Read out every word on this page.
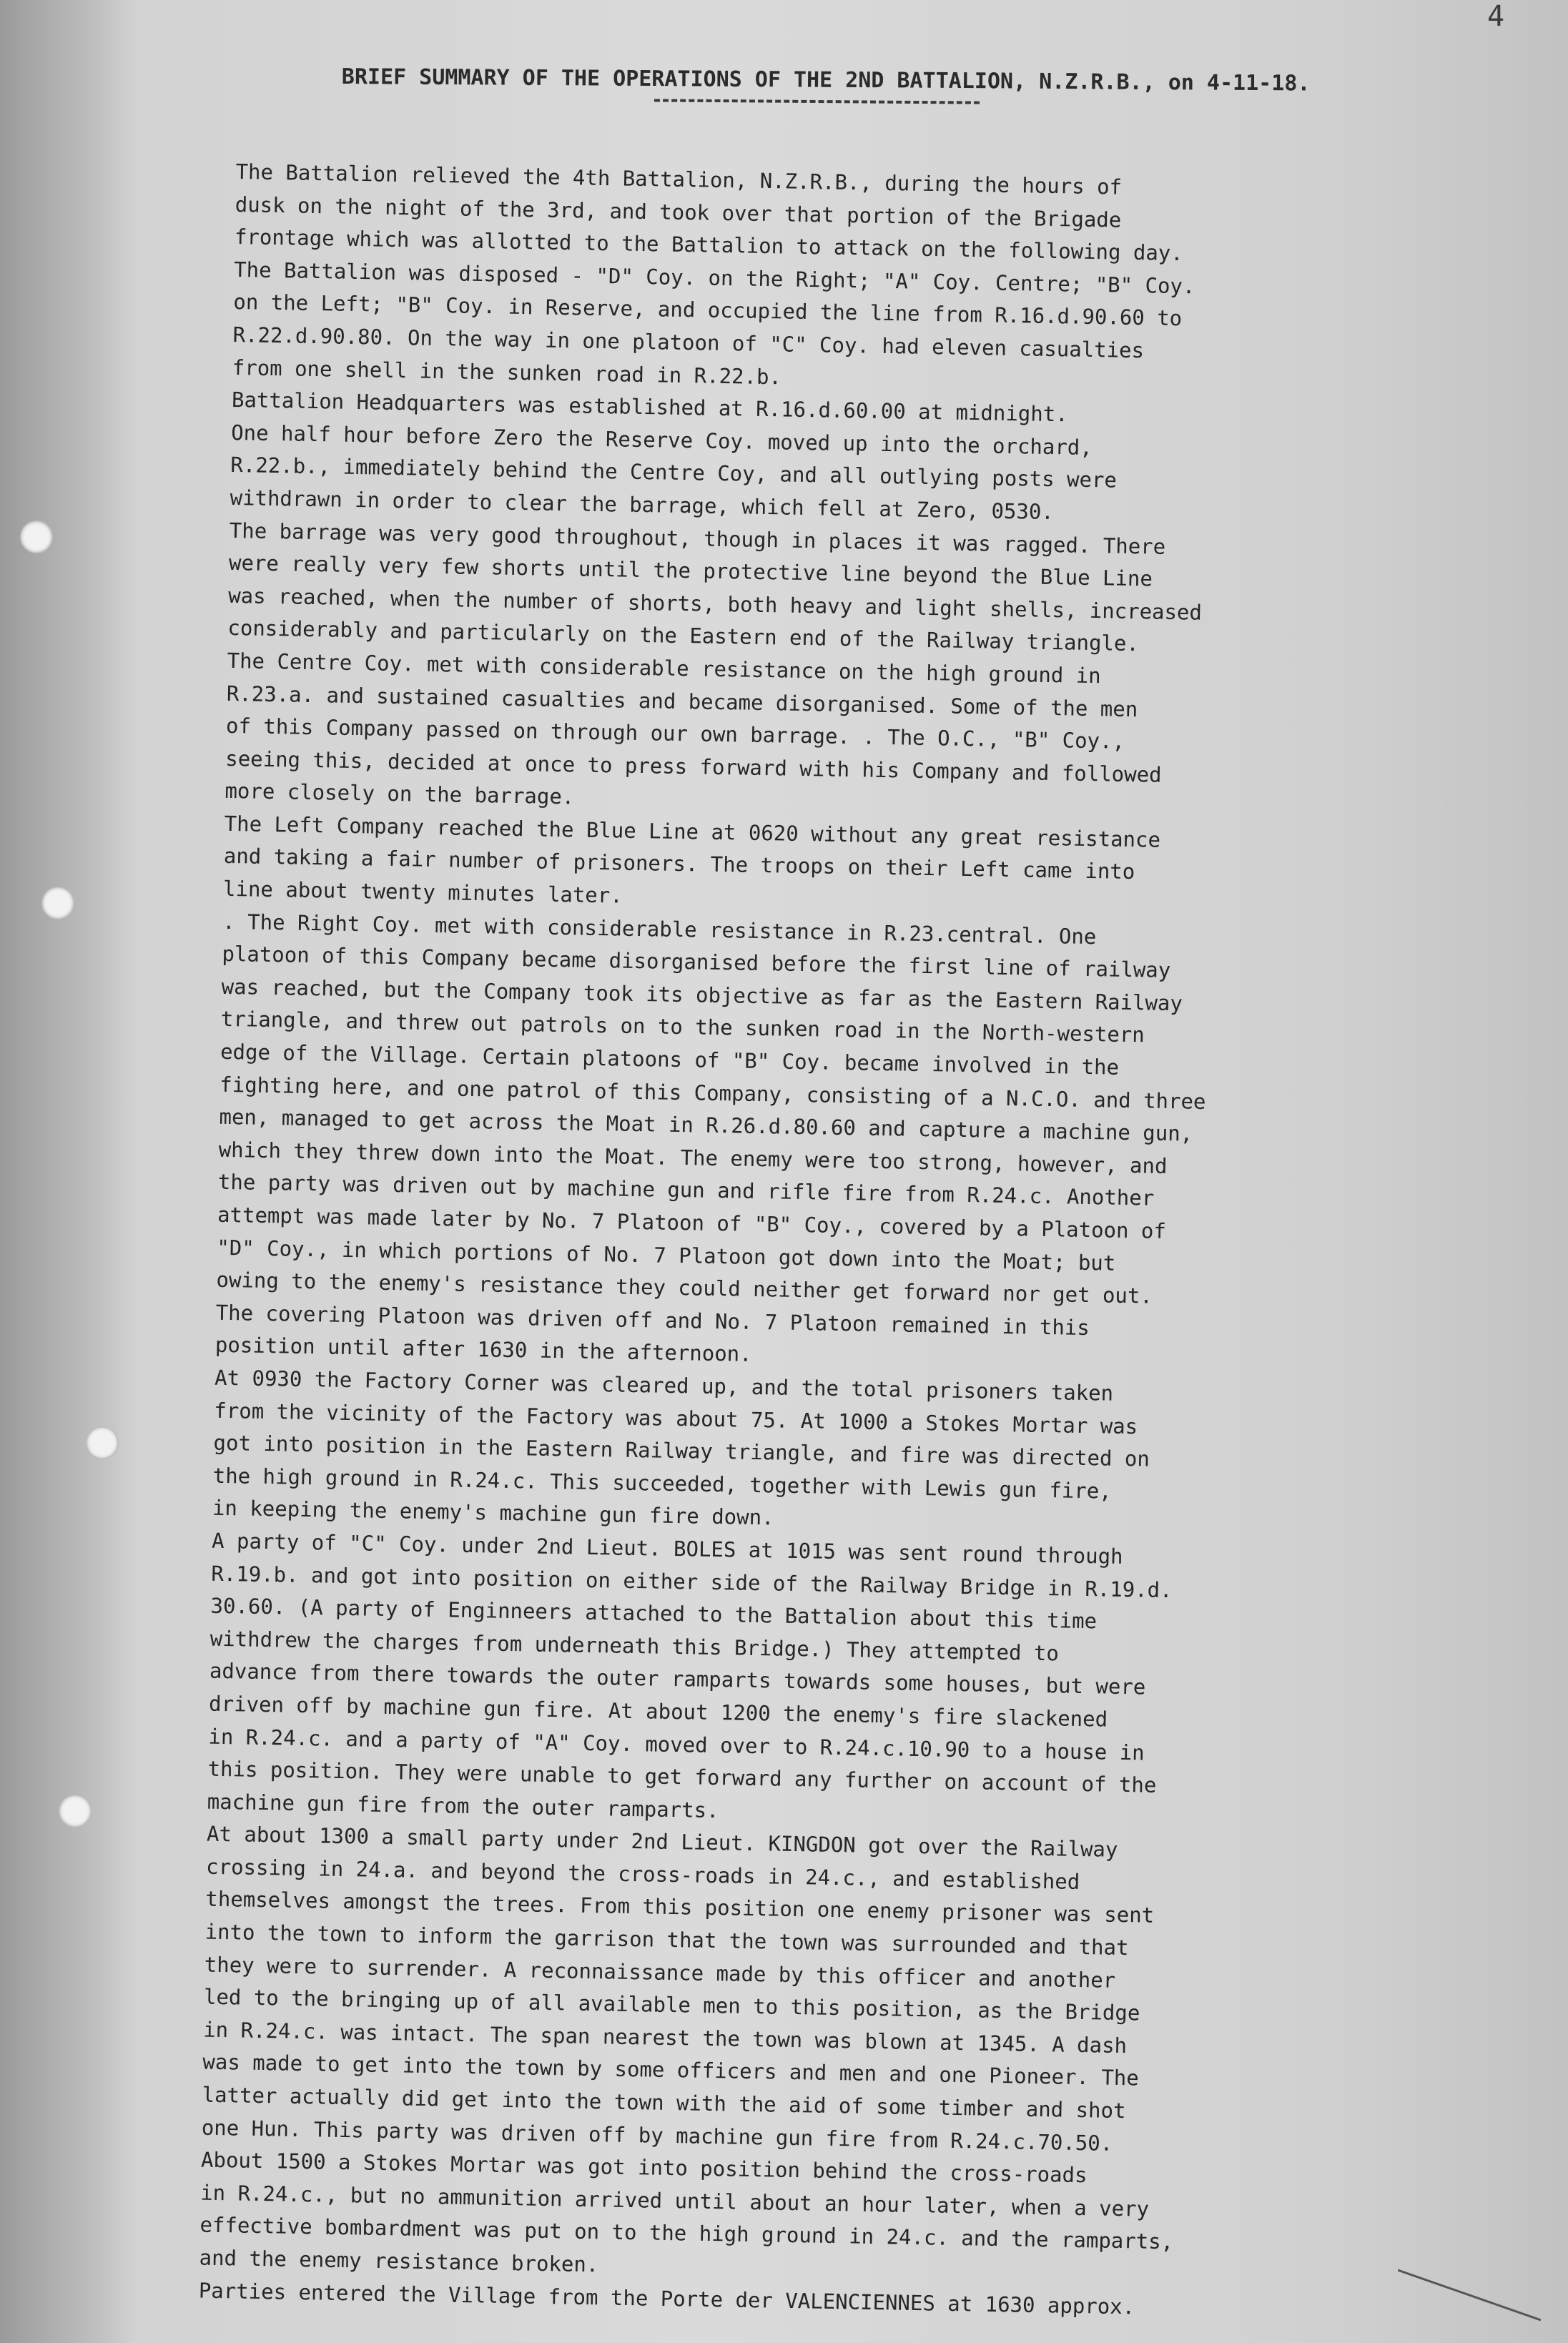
4
BRIEF SUMMARY OF THE OPERATIONS OF THE 2ND BATTALION, N.Z.R.B., on 4-11-18.
The Battalion relieved the 4th Battalion, N.Z.R.B., during the hours of
dusk on the night of the 3rd, and took over that portion of the Brigade
frontage which was allotted to the Battalion to attack on the following day.
The Battalion was disposed - "D" Coy. on the Right; "A" Coy. Centre; "B" Coy.
on the Left; "B" Coy. in Reserve, and occupied the line from R.16.d.90.60 to
R.22.d.90.80. On the way in one platoon of "C" Coy. had eleven casualties
from one shell in the sunken road in R.22.b.
Battalion Headquarters was established at R.16.d.60.00 at midnight.
One half hour before Zero the Reserve Coy. moved up into the orchard,
R.22.b., immediately behind the Centre Coy, and all outlying posts were
withdrawn in order to clear the barrage, which fell at Zero, 0530.
The barrage was very good throughout, though in places it was ragged. There
were really very few shorts until the protective line beyond the Blue Line
was reached, when the number of shorts, both heavy and light shells, increased
considerably and particularly on the Eastern end of the Railway triangle.
The Centre Coy. met with considerable resistance on the high ground in
R.23.a. and sustained casualties and became disorganised. Some of the men
of this Company passed on through our own barrage. . The O.C., "B" Coy.,
seeing this, decided at once to press forward with his Company and followed
more closely on the barrage.
The Left Company reached the Blue Line at 0620 without any great resistance
and taking a fair number of prisoners. The troops on their Left came into
line about twenty minutes later.
. The Right Coy. met with considerable resistance in R.23.central. One
platoon of this Company became disorganised before the first line of railway
was reached, but the Company took its objective as far as the Eastern Railway
triangle, and threw out patrols on to the sunken road in the North-western
edge of the Village. Certain platoons of "B" Coy. became involved in the
fighting here, and one patrol of this Company, consisting of a N.C.O. and three
men, managed to get across the Moat in R.26.d.80.60 and capture a machine gun,
which they threw down into the Moat. The enemy were too strong, however, and
the party was driven out by machine gun and rifle fire from R.24.c. Another
attempt was made later by No. 7 Platoon of "B" Coy., covered by a Platoon of
"D" Coy., in which portions of No. 7 Platoon got down into the Moat; but
owing to the enemy's resistance they could neither get forward nor get out.
The covering Platoon was driven off and No. 7 Platoon remained in this
position until after 1630 in the afternoon.
At 0930 the Factory Corner was cleared up, and the total prisoners taken
from the vicinity of the Factory was about 75. At 1000 a Stokes Mortar was
got into position in the Eastern Railway triangle, and fire was directed on
the high ground in R.24.c. This succeeded, together with Lewis gun fire,
in keeping the enemy's machine gun fire down.
A party of "C" Coy. under 2nd Lieut. BOLES at 1015 was sent round through
R.19.b. and got into position on either side of the Railway Bridge in R.19.d.
30.60. (A party of Enginneers attached to the Battalion about this time
withdrew the charges from underneath this Bridge.) They attempted to
advance from there towards the outer ramparts towards some houses, but were
driven off by machine gun fire. At about 1200 the enemy's fire slackened
in R.24.c. and a party of "A" Coy. moved over to R.24.c.10.90 to a house in
this position. They were unable to get forward any further on account of the
machine gun fire from the outer ramparts.
At about 1300 a small party under 2nd Lieut. KINGDON got over the Railway
crossing in 24.a. and beyond the cross-roads in 24.c., and established
themselves amongst the trees. From this position one enemy prisoner was sent
into the town to inform the garrison that the town was surrounded and that
they were to surrender. A reconnaissance made by this officer and another
led to the bringing up of all available men to this position, as the Bridge
in R.24.c. was intact. The span nearest the town was blown at 1345. A dash
was made to get into the town by some officers and men and one Pioneer. The
latter actually did get into the town with the aid of some timber and shot
one Hun. This party was driven off by machine gun fire from R.24.c.70.50.
About 1500 a Stokes Mortar was got into position behind the cross-roads
in R.24.c., but no ammunition arrived until about an hour later, when a very
effective bombardment was put on to the high ground in 24.c. and the ramparts,
and the enemy resistance broken.
Parties entered the Village from the Porte der VALENCIENNES at 1630 approx.
